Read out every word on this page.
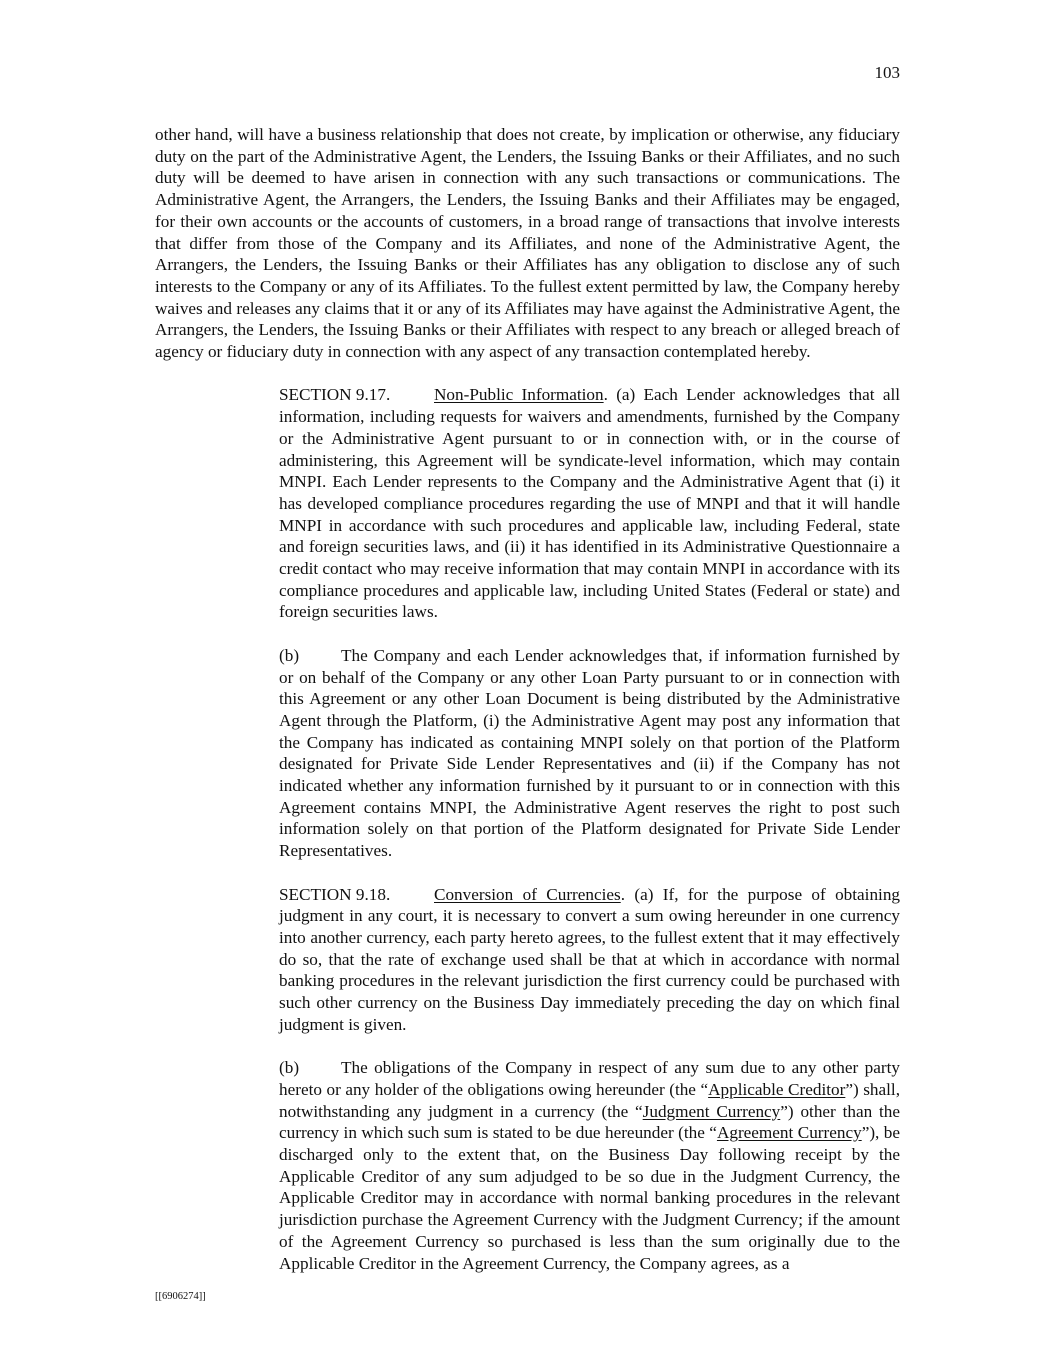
103

other hand, will have a business relationship that does not create, by implication or otherwise, any fiduciary duty on the part of the Administrative Agent, the Lenders, the Issuing Banks or their Affiliates, and no such duty will be deemed to have arisen in connection with any such transactions or communications. The Administrative Agent, the Arrangers, the Lenders, the Issuing Banks and their Affiliates may be engaged, for their own accounts or the accounts of customers, in a broad range of transactions that involve interests that differ from those of the Company and its Affiliates, and none of the Administrative Agent, the Arrangers, the Lenders, the Issuing Banks or their Affiliates has any obligation to disclose any of such interests to the Company or any of its Affiliates. To the fullest extent permitted by law, the Company hereby waives and releases any claims that it or any of its Affiliates may have against the Administrative Agent, the Arrangers, the Lenders, the Issuing Banks or their Affiliates with respect to any breach or alleged breach of agency or fiduciary duty in connection with any aspect of any transaction contemplated hereby.

SECTION 9.17.	Non-Public Information. (a) Each Lender acknowledges that all information, including requests for waivers and amendments, furnished by the Company or the Administrative Agent pursuant to or in connection with, or in the course of administering, this Agreement will be syndicate-level information, which may contain MNPI. Each Lender represents to the Company and the Administrative Agent that (i) it has developed compliance procedures regarding the use of MNPI and that it will handle MNPI in accordance with such procedures and applicable law, including Federal, state and foreign securities laws, and (ii) it has identified in its Administrative Questionnaire a credit contact who may receive information that may contain MNPI in accordance with its compliance procedures and applicable law, including United States (Federal or state) and foreign securities laws.

(b) The Company and each Lender acknowledges that, if information furnished by or on behalf of the Company or any other Loan Party pursuant to or in connection with this Agreement or any other Loan Document is being distributed by the Administrative Agent through the Platform, (i) the Administrative Agent may post any information that the Company has indicated as containing MNPI solely on that portion of the Platform designated for Private Side Lender Representatives and (ii) if the Company has not indicated whether any information furnished by it pursuant to or in connection with this Agreement contains MNPI, the Administrative Agent reserves the right to post such information solely on that portion of the Platform designated for Private Side Lender Representatives.

SECTION 9.18.	Conversion of Currencies. (a) If, for the purpose of obtaining judgment in any court, it is necessary to convert a sum owing hereunder in one currency into another currency, each party hereto agrees, to the fullest extent that it may effectively do so, that the rate of exchange used shall be that at which in accordance with normal banking procedures in the relevant jurisdiction the first currency could be purchased with such other currency on the Business Day immediately preceding the day on which final judgment is given.

(b) The obligations of the Company in respect of any sum due to any other party hereto or any holder of the obligations owing hereunder (the “Applicable Creditor”) shall, notwithstanding any judgment in a currency (the “Judgment Currency”) other than the currency in which such sum is stated to be due hereunder (the “Agreement Currency”), be discharged only to the extent that, on the Business Day following receipt by the Applicable Creditor of any sum adjudged to be so due in the Judgment Currency, the Applicable Creditor may in accordance with normal banking procedures in the relevant jurisdiction purchase the Agreement Currency with the Judgment Currency; if the amount of the Agreement Currency so purchased is less than the sum originally due to the Applicable Creditor in the Agreement Currency, the Company agrees, as a

[[6906274]]
